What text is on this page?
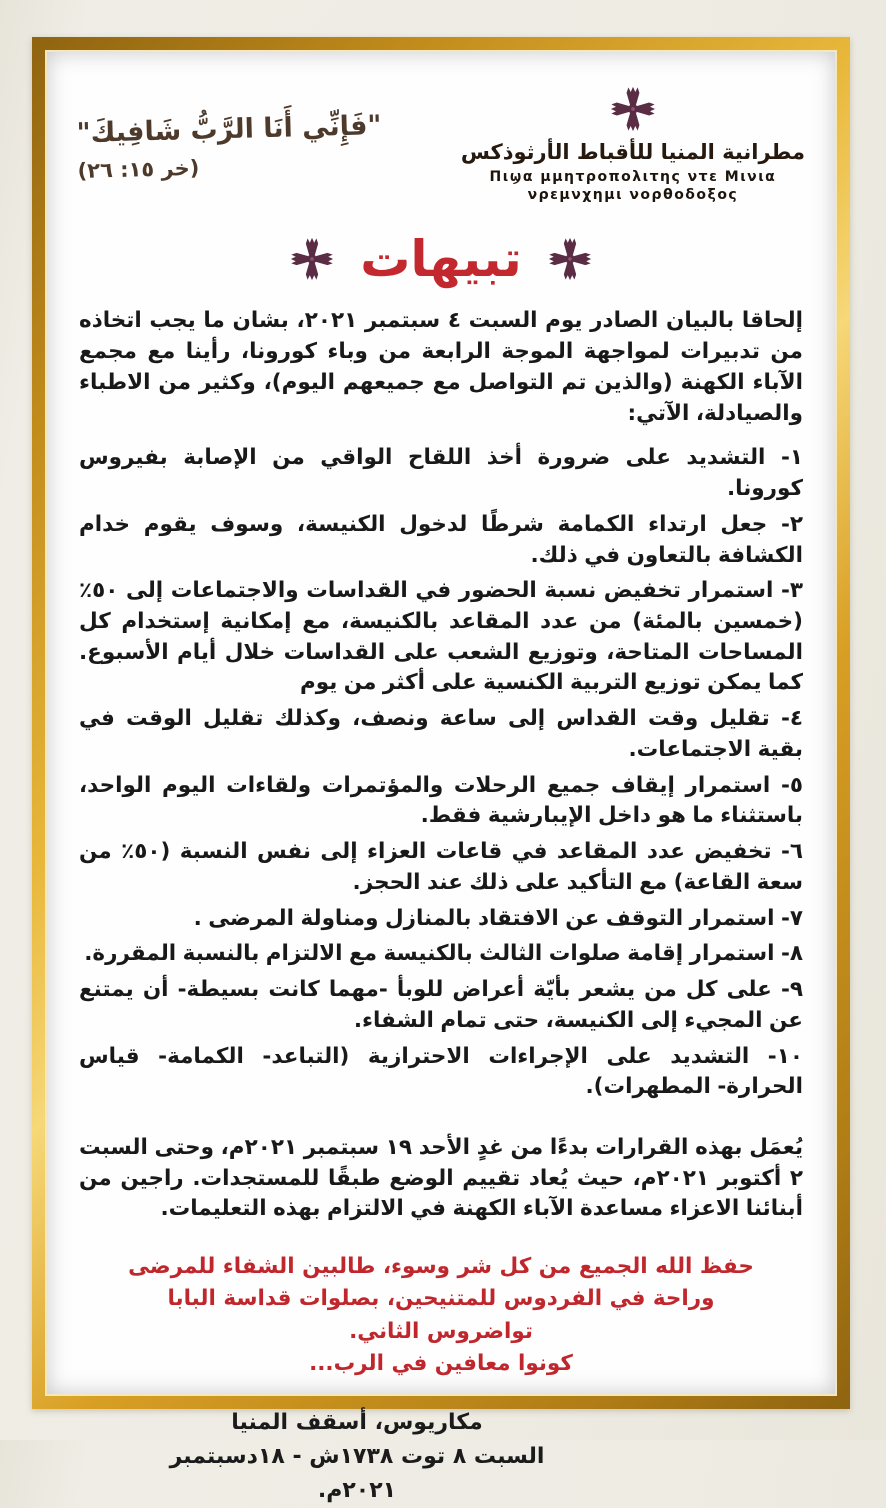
مطرانية المنيا للأقباط الأرثوذكس
Πιϣα μμητροπολιτης ντε Μινια
νρεμνχημι νορθοδοξος
"فَإِنِّي أَنَا الرَّبُّ شَافِيكَ"
(خر ١٥: ٢٦)
تبيهات

إلحاقا بالبيان الصادر يوم السبت ٤ سبتمبر ٢٠٢١، بشان ما يجب اتخاذه من تدبيرات لمواجهة الموجة الرابعة من وباء كورونا، رأينا مع مجمع الآباء الكهنة (والذين تم التواصل مع جميعهم اليوم)، وكثير من الاطباء والصيادلة، الآتي:

١- التشديد على ضرورة أخذ اللقاح الواقي من الإصابة بفيروس كورونا.

٢- جعل ارتداء الكمامة شرطًا لدخول الكنيسة، وسوف يقوم خدام الكشافة بالتعاون في ذلك.

٣- استمرار تخفيض نسبة الحضور في القداسات والاجتماعات إلى ٥٠٪ (خمسين بالمئة) من عدد المقاعد بالكنيسة، مع إمكانية إستخدام كل المساحات المتاحة، وتوزيع الشعب على القداسات خلال أيام الأسبوع. كما يمكن توزيع التربية الكنسية على أكثر من يوم

٤- تقليل وقت القداس إلى ساعة ونصف، وكذلك تقليل الوقت في بقية الاجتماعات.

٥- استمرار إيقاف جميع الرحلات والمؤتمرات ولقاءات اليوم الواحد، باستثناء ما هو داخل الإيبارشية فقط.

٦- تخفيض عدد المقاعد في قاعات العزاء إلى نفس النسبة (٥٠٪ من سعة القاعة) مع التأكيد على ذلك عند الحجز.

٧- استمرار التوقف عن الافتقاد بالمنازل ومناولة المرضى .

٨- استمرار إقامة صلوات الثالث بالكنيسة مع الالتزام بالنسبة المقررة.

٩- على كل من يشعر بأيّة أعراض للوبأ -مهما كانت بسيطة- أن يمتنع عن المجيء إلى الكنيسة، حتى تمام الشفاء.

١٠- التشديد على الإجراءات الاحترازية (التباعد- الكمامة- قياس الحرارة- المطهرات).

يُعمَل بهذه القرارات بدءًا من غدٍ الأحد ١٩ سبتمبر ٢٠٢١م، وحتى السبت ٢ أكتوبر ٢٠٢١م، حيث يُعاد تقييم الوضع طبقًا للمستجدات. راجين من أبنائنا الاعزاء مساعدة الآباء الكهنة في الالتزام بهذه التعليمات.

حفظ الله الجميع من كل شر وسوء، طالبين الشفاء للمرضى وراحة في الفردوس للمتنيحين، بصلوات قداسة البابا تواضروس الثاني.
كونوا معافين في الرب...
مكاريوس، أسقف المنيا
السبت ٨ توت ١٧٣٨ش - ١٨دسبتمبر ٢٠٢١م.
